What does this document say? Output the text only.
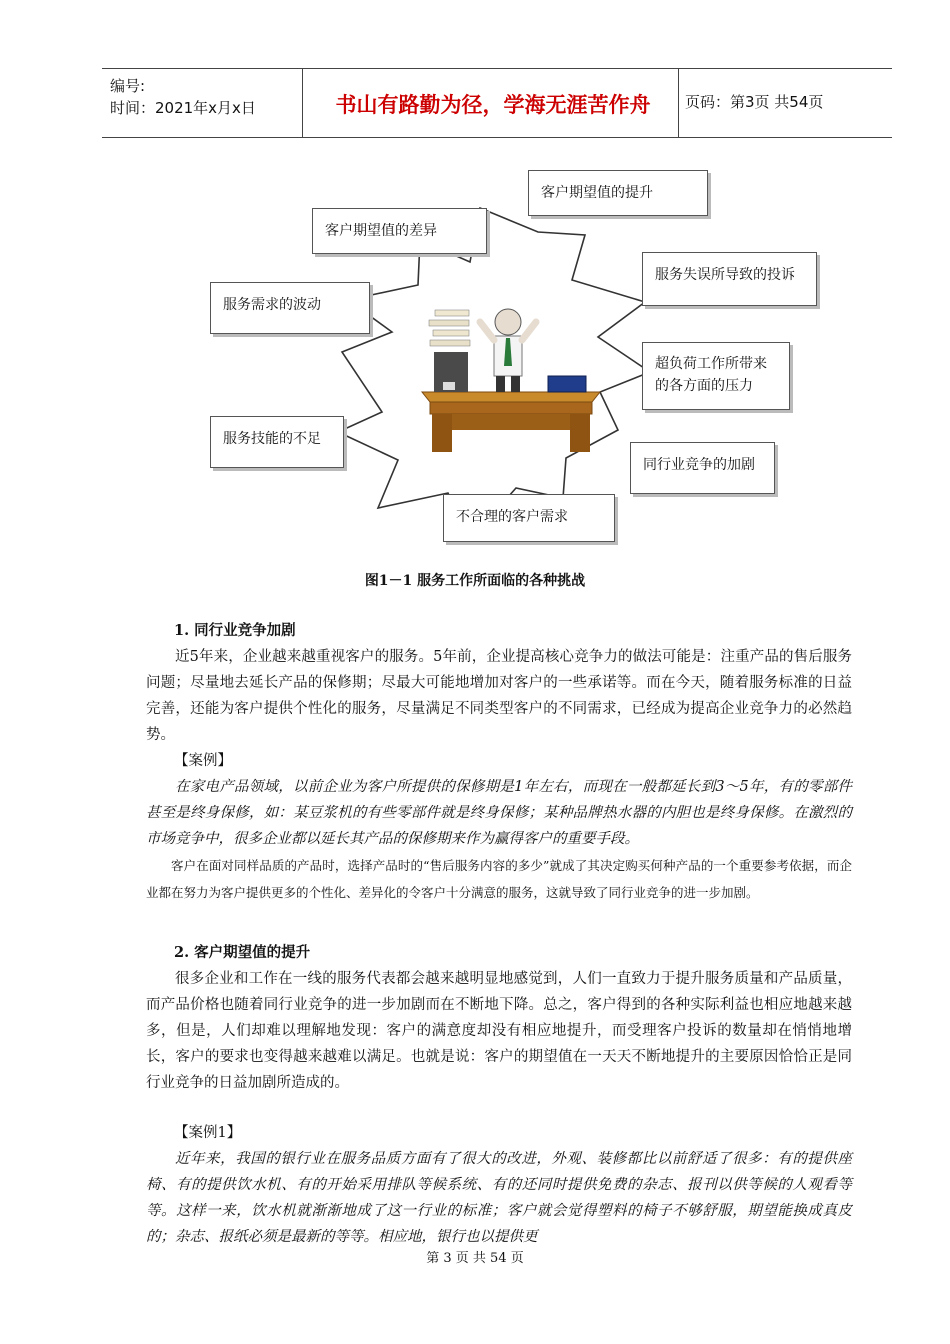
编号:
时间：2021年x月x日	书山有路勤为径，学海无涯苦作舟	页码：第3页 共54页
客户期望值的提升
客户期望值的差异
服务失误所导致的投诉
服务需求的波动
超负荷工作所带来的各方面的压力
服务技能的不足
同行业竞争的加剧
不合理的客户需求
图1－1 服务工作所面临的各种挑战
1. 同行业竞争加剧
近5年来，企业越来越重视客户的服务。5年前，企业提高核心竞争力的做法可能是：注重产品的售后服务问题；尽量地去延长产品的保修期；尽最大可能地增加对客户的一些承诺等。而在今天，随着服务标准的日益完善，还能为客户提供个性化的服务，尽量满足不同类型客户的不同需求，已经成为提高企业竞争力的必然趋势。
【案例】
在家电产品领域，以前企业为客户所提供的保修期是1年左右，而现在一般都延长到3～5年，有的零部件甚至是终身保修，如：某豆浆机的有些零部件就是终身保修；某种品牌热水器的内胆也是终身保修。在激烈的市场竞争中，很多企业都以延长其产品的保修期来作为赢得客户的重要手段。
客户在面对同样品质的产品时，选择产品时的“售后服务内容的多少”就成了其决定购买何种产品的一个重要参考依据，而企业都在努力为客户提供更多的个性化、差异化的令客户十分满意的服务，这就导致了同行业竞争的进一步加剧。
2. 客户期望值的提升
很多企业和工作在一线的服务代表都会越来越明显地感觉到，人们一直致力于提升服务质量和产品质量，而产品价格也随着同行业竞争的进一步加剧而在不断地下降。总之，客户得到的各种实际利益也相应地越来越多，但是，人们却难以理解地发现：客户的满意度却没有相应地提升，而受理客户投诉的数量却在悄悄地增长，客户的要求也变得越来越难以满足。也就是说：客户的期望值在一天天不断地提升的主要原因恰恰正是同行业竞争的日益加剧所造成的。
【案例1】
近年来，我国的银行业在服务品质方面有了很大的改进，外观、装修都比以前舒适了很多：有的提供座椅、有的提供饮水机、有的开始采用排队等候系统、有的还同时提供免费的杂志、报刊以供等候的人观看等等。这样一来，饮水机就渐渐地成了这一行业的标准；客户就会觉得塑料的椅子不够舒服，期望能换成真皮的；杂志、报纸必须是最新的等等。相应地，银行也以提供更
第 3 页 共 54 页
